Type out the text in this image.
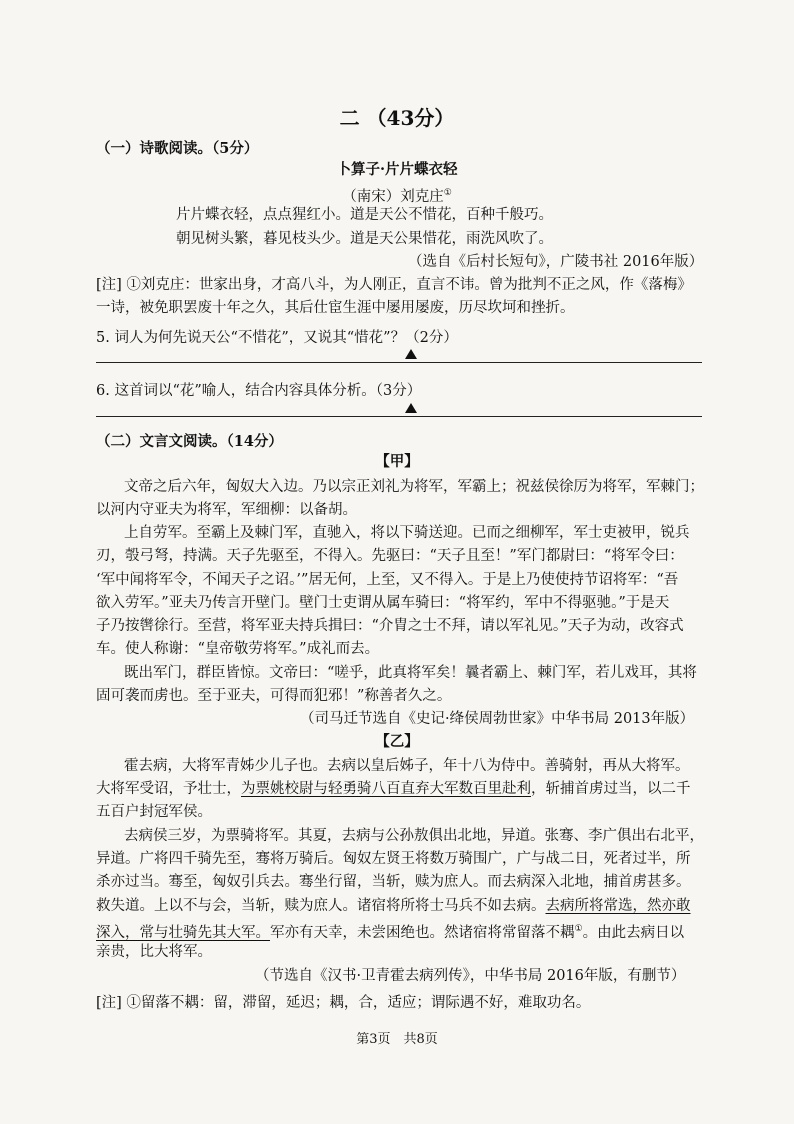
二 （43分）
（一）诗歌阅读。（5分）
卜算子·片片蝶衣轻
（南宋）刘克庄①
片片蝶衣轻，点点猩红小。道是天公不惜花，百种千般巧。
朝见树头繁，暮见枝头少。道是天公果惜花，雨洗风吹了。
（选自《后村长短句》，广陵书社 2016年版）
[注] ①刘克庄：世家出身，才高八斗，为人刚正，直言不讳。曾为批判不正之风，作《落梅》
一诗，被免职罢废十年之久，其后仕宦生涯中屡用屡废，历尽坎坷和挫折。
5. 词人为何先说天公“不惜花”，又说其“惜花”？（2分）
6. 这首词以“花”喻人，结合内容具体分析。（3分）
（二）文言文阅读。（14分）
【甲】
文帝之后六年，匈奴大入边。乃以宗正刘礼为将军，军霸上；祝兹侯徐厉为将军，军棘门；
以河内守亚夫为将军，军细柳：以备胡。
上自劳军。至霸上及棘门军，直驰入，将以下骑送迎。已而之细柳军，军士吏被甲，锐兵
刃，彀弓弩，持满。天子先驱至，不得入。先驱曰：“天子且至！”军门都尉曰：“将军令曰：
‘军中闻将军令，不闻天子之诏。’”居无何，上至，又不得入。于是上乃使使持节诏将军：“吾
欲入劳军。”亚夫乃传言开壁门。壁门士吏谓从属车骑曰：“将军约，军中不得驱驰。”于是天
子乃按辔徐行。至营，将军亚夫持兵揖曰：“介胄之士不拜，请以军礼见。”天子为动，改容式
车。使人称谢：“皇帝敬劳将军。”成礼而去。
既出军门，群臣皆惊。文帝曰：“嗟乎，此真将军矣！曩者霸上、棘门军，若儿戏耳，其将
固可袭而虏也。至于亚夫，可得而犯邪！”称善者久之。
（司马迁节选自《史记·绛侯周勃世家》中华书局 2013年版）
【乙】
霍去病，大将军青姊少儿子也。去病以皇后姊子，年十八为侍中。善骑射，再从大将军。
大将军受诏，予壮士，为票姚校尉与轻勇骑八百直弃大军数百里赴利，斩捕首虏过当，以二千
五百户封冠军侯。
去病侯三岁，为票骑将军。其夏，去病与公孙敖俱出北地，异道。张骞、李广俱出右北平，
异道。广将四千骑先至，骞将万骑后。匈奴左贤王将数万骑围广，广与战二日，死者过半，所
杀亦过当。骞至，匈奴引兵去。骞坐行留，当斩，赎为庶人。而去病深入北地，捕首虏甚多。
救失道。上以不与会，当斩，赎为庶人。诸宿将所将士马兵不如去病。去病所将常选，然亦敢
深入，常与壮骑先其大军。军亦有天幸，未尝困绝也。然诸宿将常留落不耦①。由此去病日以
亲贵，比大将军。
（节选自《汉书·卫青霍去病列传》，中华书局 2016年版，有删节）
[注] ①留落不耦：留，滞留，延迟；耦，合，适应；谓际遇不好，难取功名。
第3页　共8页
